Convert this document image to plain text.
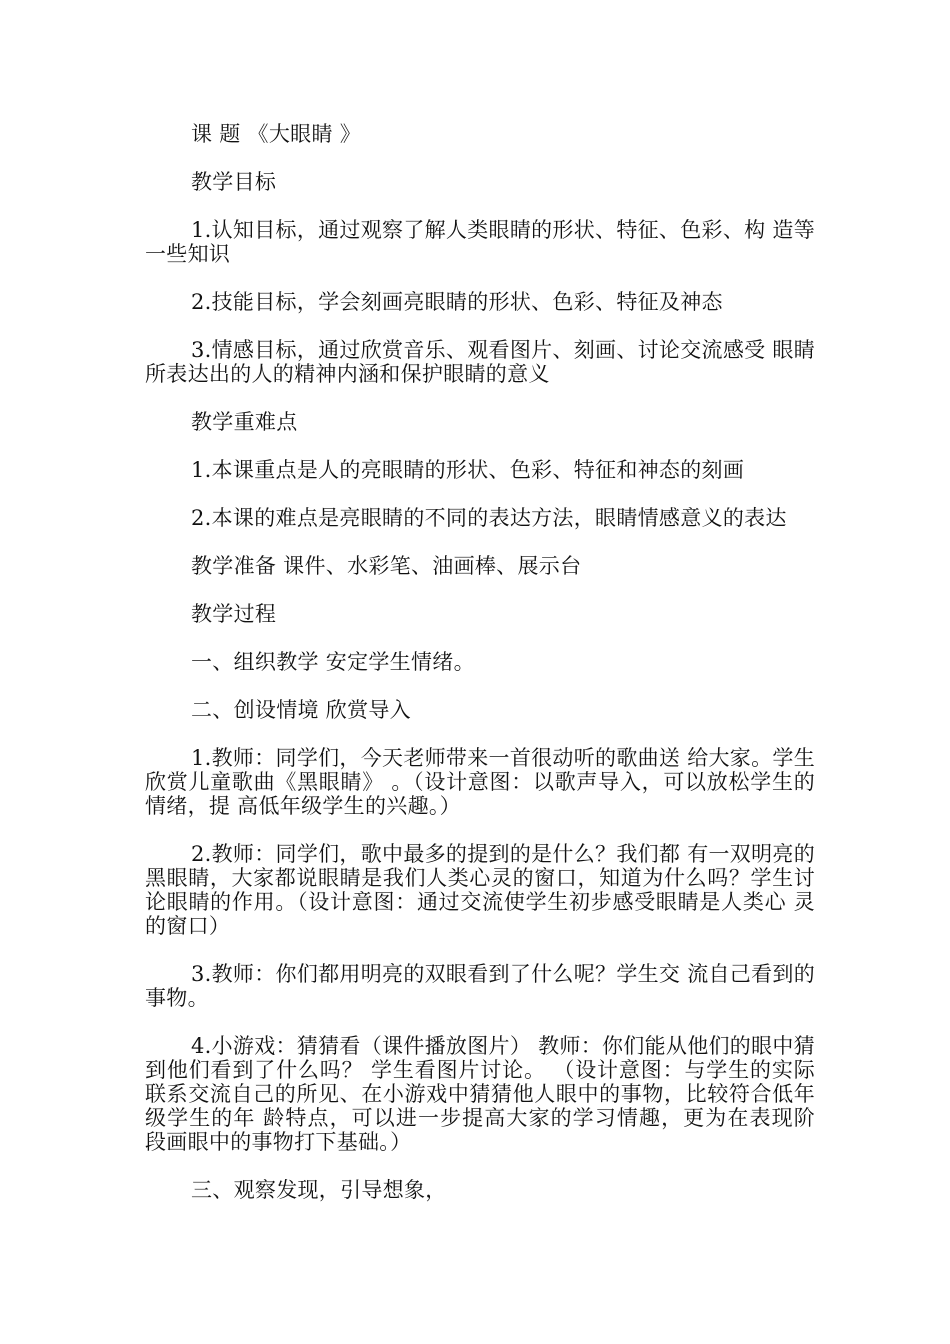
课 题 《大眼睛 》

教学目标

1.认知目标，通过观察了解人类眼睛的形状、特征、色彩、构 造等一些知识

2.技能目标，学会刻画亮眼睛的形状、色彩、特征及神态

3.情感目标，通过欣赏音乐、观看图片、刻画、讨论交流感受 眼睛所表达出的人的精神内涵和保护眼睛的意义

教学重难点

1.本课重点是人的亮眼睛的形状、色彩、特征和神态的刻画

2.本课的难点是亮眼睛的不同的表达方法，眼睛情感意义的表达

教学准备 课件、水彩笔、油画棒、展示台

教学过程

一、组织教学 安定学生情绪。

二、创设情境 欣赏导入

1.教师：同学们，今天老师带来一首很动听的歌曲送 给大家。学生欣赏儿童歌曲《黑眼睛》 。（设计意图：以歌声导入，可以放松学生的情绪，提 高低年级学生的兴趣。）

2.教师：同学们，歌中最多的提到的是什么？我们都 有一双明亮的黑眼睛，大家都说眼睛是我们人类心灵的窗口，知道为什么吗？学生讨论眼睛的作用。（设计意图：通过交流使学生初步感受眼睛是人类心 灵的窗口）

3.教师：你们都用明亮的双眼看到了什么呢？学生交 流自己看到的事物。

4.小游戏：猜猜看（课件播放图片） 教师：你们能从他们的眼中猜到他们看到了什么吗？ 学生看图片讨论。 （设计意图：与学生的实际联系交流自己的所见、在小游戏中猜猜他人眼中的事物，比较符合低年级学生的年 龄特点，可以进一步提高大家的学习情趣，更为在表现阶 段画眼中的事物打下基础。）

三、观察发现，引导想象，
